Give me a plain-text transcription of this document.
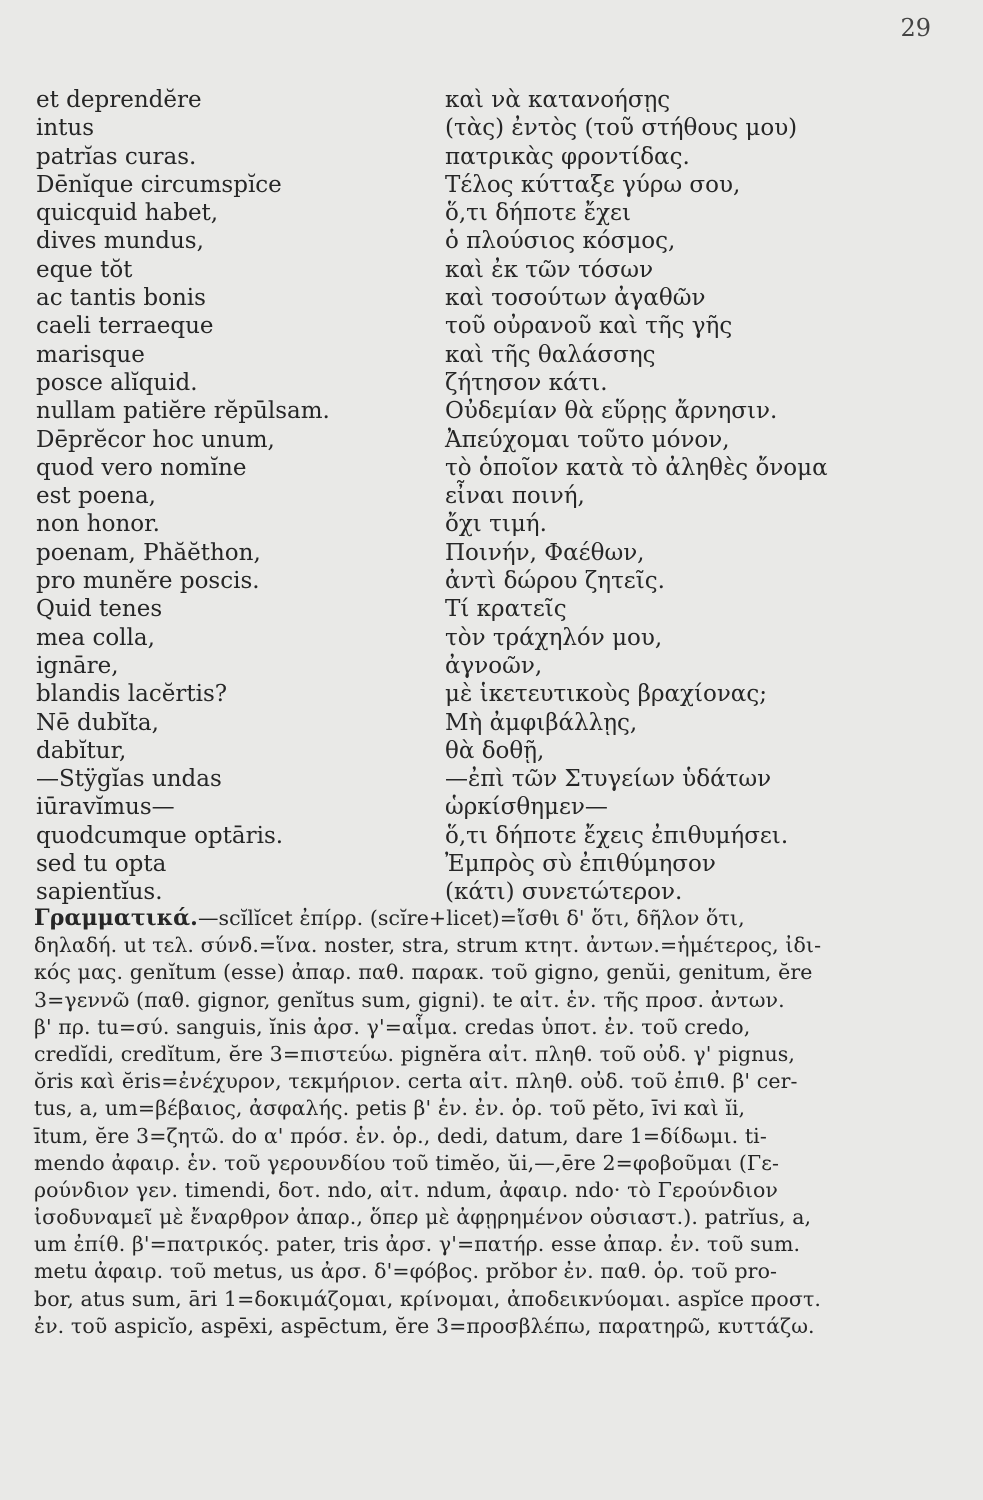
29
et deprendĕre
intus
patrĭas curas.
Dēnĭque circumspĭce
quicquid habet,
dives mundus,
eque tŏt
ac tantis bonis
caeli terraeque
marisque
posce alĭquid.
nullam patiĕre rĕpūlsam.
Dēprĕcor hoc unum,
quod vero nomĭne
est poena,
non honor.
poenam, Phăĕthon,
pro munĕre poscis.
Quid tenes
mea colla,
ignāre,
blandis lacĕrtis?
Nē dubĭta,
dabĭtur,
—Stÿgĭas undas
iūravĭmus—
quodcumque optāris.
sed tu opta
sapientĭus.
καὶ νὰ κατανοήσῃς
(τὰς) ἐντὸς (τοῦ στήθους μου)
πατρικὰς φροντίδας.
Τέλος κύτταξε γύρω σου,
ὅ,τι δήποτε ἔχει
ὁ πλούσιος κόσμος,
καὶ ἐκ τῶν τόσων
καὶ τοσούτων ἀγαθῶν
τοῦ οὐρανοῦ καὶ τῆς γῆς
καὶ τῆς θαλάσσης
ζήτησον κάτι.
Οὐδεμίαν θὰ εὕρῃς ἄρνησιν.
Ἀπεύχομαι τοῦτο μόνον,
τὸ ὁποῖον κατὰ τὸ ἀληθὲς ὄνομα
εἶναι ποινή,
ὄχι τιμή.
Ποινήν, Φαέθων,
ἀντὶ δώρου ζητεῖς.
Τί κρατεῖς
τὸν τράχηλόν μου,
ἀγνοῶν,
μὲ ἱκετευτικοὺς βραχίονας;
Μὴ ἀμφιβάλλῃς,
θὰ δοθῇ,
—ἐπὶ τῶν Στυγείων ὑδάτων
ὡρκίσθημεν—
ὅ,τι δήποτε ἔχεις ἐπιθυμήσει.
Ἐμπρὸς σὺ ἐπιθύμησον
(κάτι) συνετώτερον.
Γραμματικά.—scĭlĭcet ἐπίρρ. (scĭre+licet)=ἴσθι δ' ὅτι, δῆλον ὅτι,
δηλαδή. ut τελ. σύνδ.=ἵνα. noster, stra, strum κτητ. ἀντων.=ἡμέτερος, ἰδι-
κός μας. genĭtum (esse) ἀπαρ. παθ. παρακ. τοῦ gigno, genŭi, genitum, ĕre
3=γεννῶ (παθ. gignor, genĭtus sum, gigni). te αἰτ. ἑν. τῆς προσ. ἀντων.
β' πρ. tu=σύ. sanguis, ĭnis ἀρσ. γ'=αἷμα. credas ὑποτ. ἐν. τοῦ credo,
credĭdi, credĭtum, ĕre 3=πιστεύω. pignĕra αἰτ. πληθ. τοῦ οὐδ. γ' pignus,
ŏris καὶ ĕris=ἐνέχυρον, τεκμήριον. certa αἰτ. πληθ. οὐδ. τοῦ ἐπιθ. β' cer-
tus, a, um=βέβαιος, ἀσφαλής. petis β' ἑν. ἐν. ὁρ. τοῦ pĕto, īvi καὶ ĭi,
ītum, ĕre 3=ζητῶ. do α' πρόσ. ἑν. ὁρ., dedi, datum, dare 1=δίδωμι. ti-
mendo ἀφαιρ. ἑν. τοῦ γερουνδίου τοῦ timĕo, ŭi,—,ēre 2=φοβοῦμαι (Γε-
ρούνδιον γεν. timendi, δοτ. ndo, αἰτ. ndum, ἀφαιρ. ndo· τὸ Γερούνδιον
ἰσοδυναμεῖ μὲ ἔναρθρον ἀπαρ., ὅπερ μὲ ἀφῃρημένον οὐσιαστ.). patrĭus, a,
um ἐπίθ. β'=πατρικός. pater, tris ἀρσ. γ'=πατήρ. esse ἀπαρ. ἐν. τοῦ sum.
metu ἀφαιρ. τοῦ metus, us ἀρσ. δ'=φόβος. prŏbor ἐν. παθ. ὁρ. τοῦ pro-
bor, atus sum, āri 1=δοκιμάζομαι, κρίνομαι, ἀποδεικνύομαι. aspĭce προστ.
ἐν. τοῦ aspicĭo, aspēxi, aspēctum, ĕre 3=προσβλέπω, παρατηρῶ, κυττάζω.
